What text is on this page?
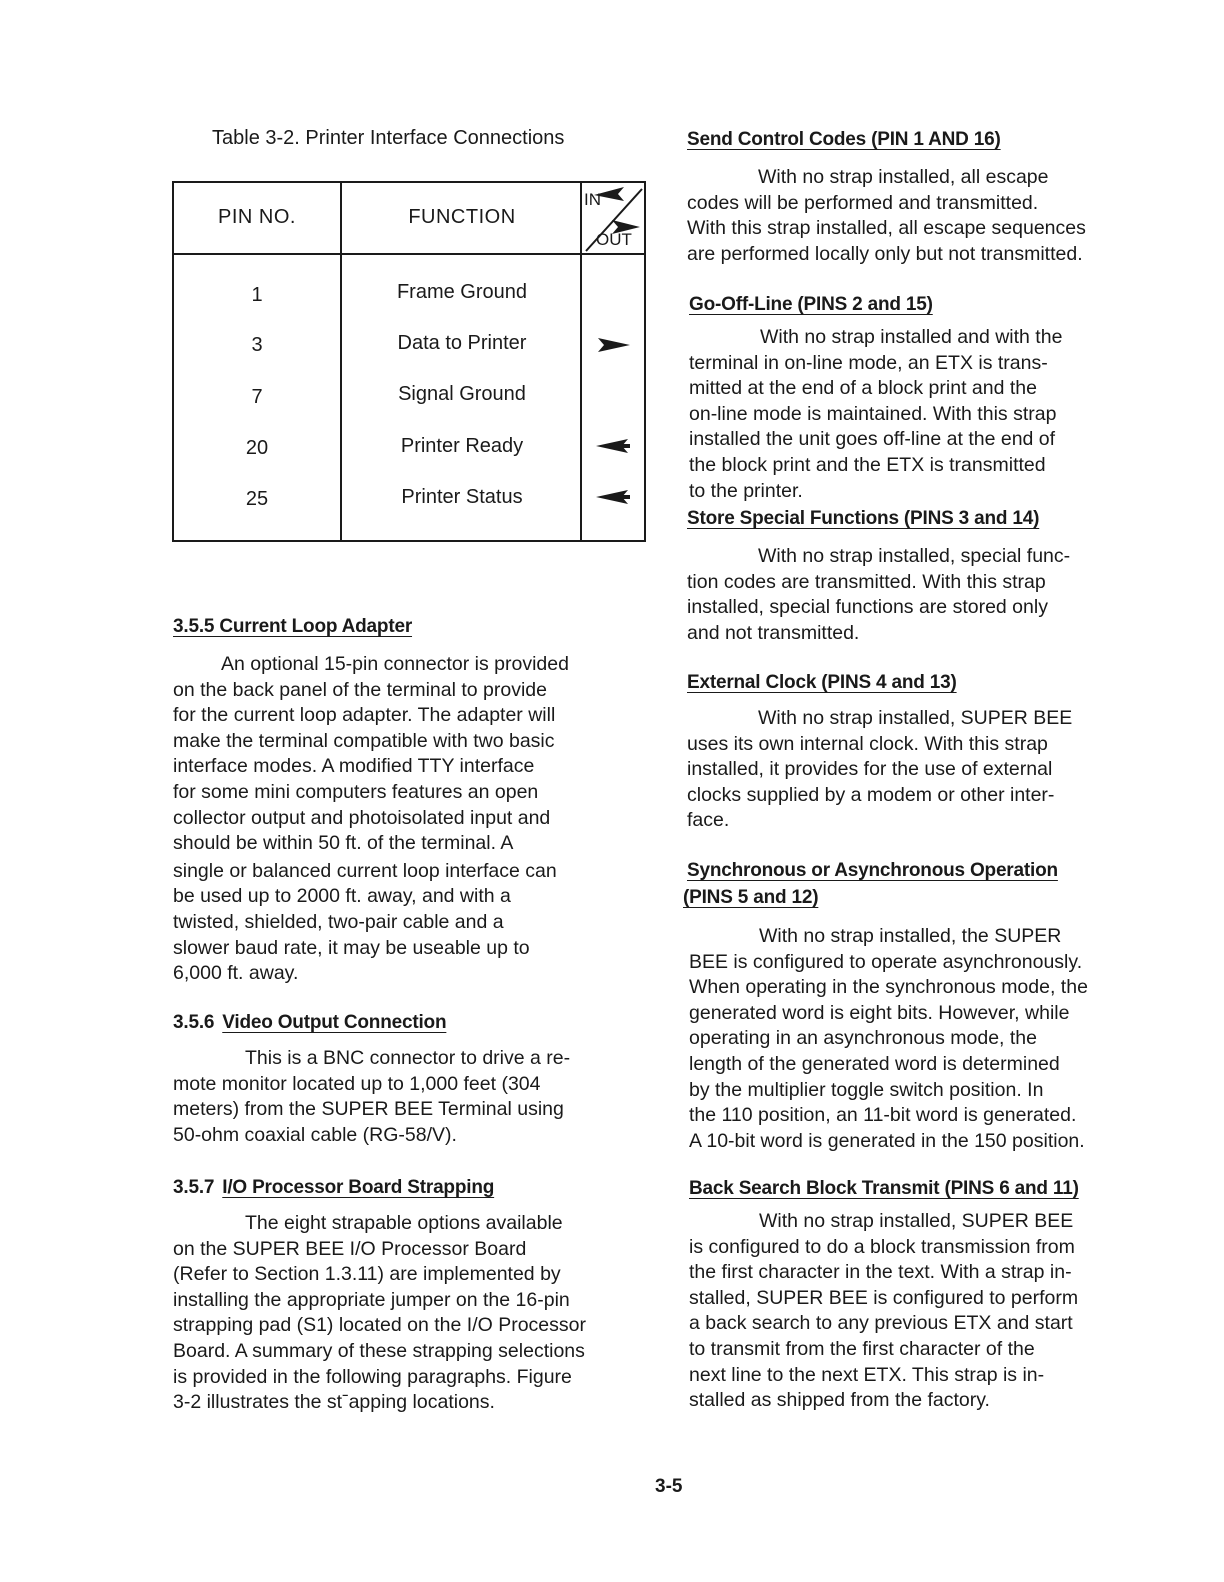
Table 3-2. Printer Interface Connections
PIN NO.	FUNCTION
IN
OUT
1	Frame Ground
3	Data to Printer
7	Signal Ground
20	Printer Ready
25	Printer Status
3.5.5 Current Loop Adapter
An optional 15-pin connector is provided
on the back panel of the terminal to provide
for the current loop adapter. The adapter will
make the terminal compatible with two basic
interface modes. A modified TTY interface
for some mini computers features an open
collector output and photoisolated input and
should be within 50 ft. of the terminal. A
single or balanced current loop interface can
be used up to 2000 ft. away, and with a
twisted, shielded, two-pair cable and a
slower baud rate, it may be useable up to
6,000 ft. away.
3.5.6 Video Output Connection
This is a BNC connector to drive a re-
mote monitor located up to 1,000 feet (304
meters) from the SUPER BEE Terminal using
50-ohm coaxial cable (RG-58/V).
3.5.7 I/O Processor Board Strapping
The eight strapable options available
on the SUPER BEE I/O Processor Board
(Refer to Section 1.3.11) are implemented by
installing the appropriate jumper on the 16-pin
strapping pad (S1) located on the I/O Processor
Board. A summary of these strapping selections
is provided in the following paragraphs. Figure
3-2 illustrates the stˉapping locations.
Send Control Codes (PIN 1 AND 16)
With no strap installed, all escape
codes will be performed and transmitted.
With this strap installed, all escape sequences
are performed locally only but not transmitted.
Go-Off-Line (PINS 2 and 15)
With no strap installed and with the
terminal in on-line mode, an ETX is trans-
mitted at the end of a block print and the
on-line mode is maintained. With this strap
installed the unit goes off-line at the end of
the block print and the ETX is transmitted
to the printer.
Store Special Functions (PINS 3 and 14)
With no strap installed, special func-
tion codes are transmitted. With this strap
installed, special functions are stored only
and not transmitted.
External Clock (PINS 4 and 13)
With no strap installed, SUPER BEE
uses its own internal clock. With this strap
installed, it provides for the use of external
clocks supplied by a modem or other inter-
face.
Synchronous or Asynchronous Operation
(PINS 5 and 12)
With no strap installed, the SUPER
BEE is configured to operate asynchronously.
When operating in the synchronous mode, the
generated word is eight bits. However, while
operating in an asynchronous mode, the
length of the generated word is determined
by the multiplier toggle switch position. In
the 110 position, an 11-bit word is generated.
A 10-bit word is generated in the 150 position.
Back Search Block Transmit (PINS 6 and 11)
With no strap installed, SUPER BEE
is configured to do a block transmission from
the first character in the text. With a strap in-
stalled, SUPER BEE is configured to perform
a back search to any previous ETX and start
to transmit from the first character of the
next line to the next ETX. This strap is in-
stalled as shipped from the factory.
3-5
